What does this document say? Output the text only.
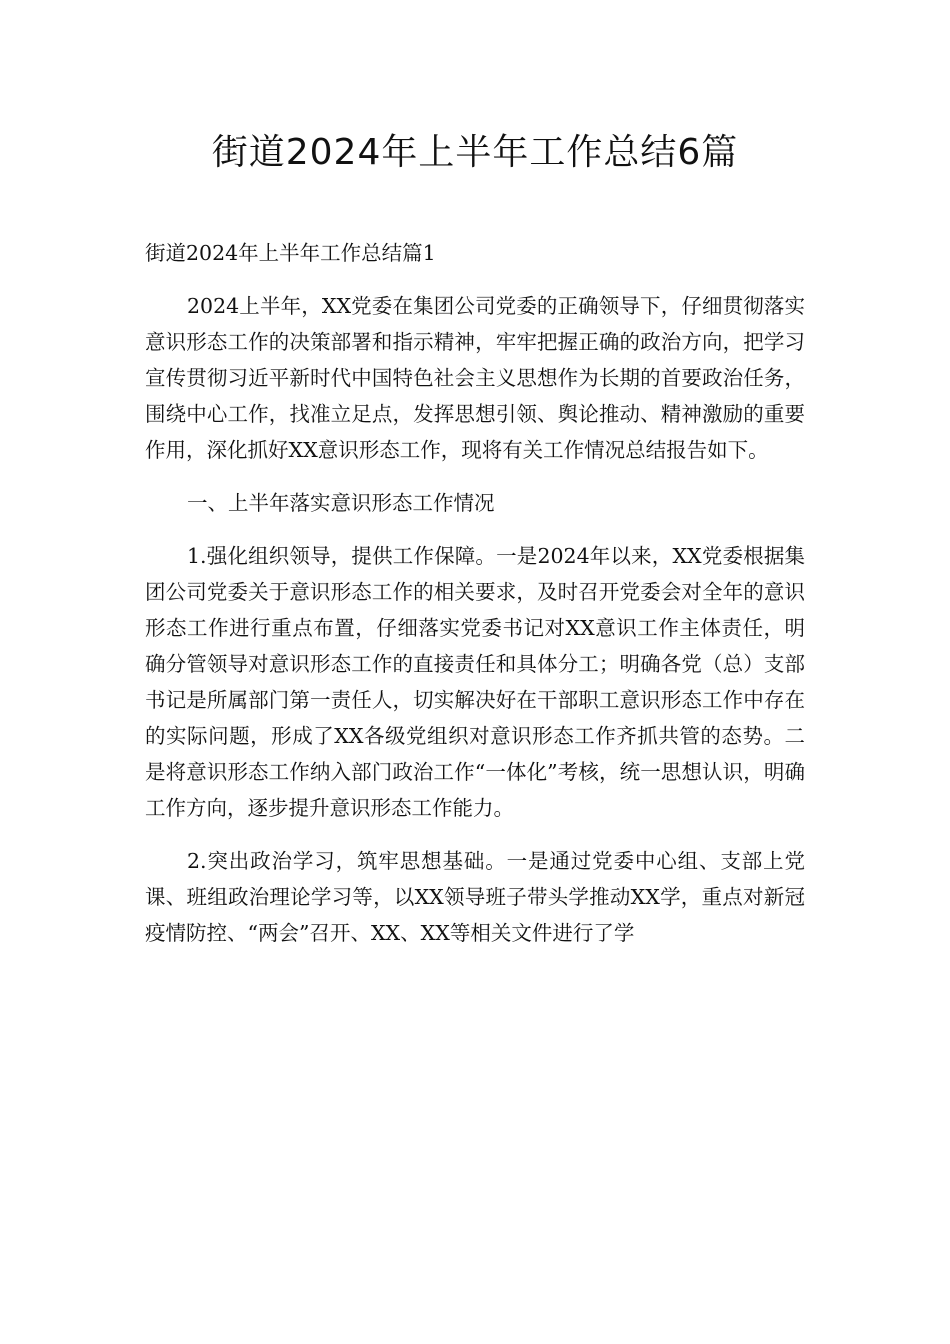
街道2024年上半年工作总结6篇

街道2024年上半年工作总结篇1

2024上半年，XX党委在集团公司党委的正确领导下，仔细贯彻落实意识形态工作的决策部署和指示精神，牢牢把握正确的政治方向，把学习宣传贯彻习近平新时代中国特色社会主义思想作为长期的首要政治任务，围绕中心工作，找准立足点，发挥思想引领、舆论推动、精神激励的重要作用，深化抓好XX意识形态工作，现将有关工作情况总结报告如下。

一、上半年落实意识形态工作情况

1.强化组织领导，提供工作保障。一是2024年以来，XX党委根据集团公司党委关于意识形态工作的相关要求，及时召开党委会对全年的意识形态工作进行重点布置，仔细落实党委书记对XX意识工作主体责任，明确分管领导对意识形态工作的直接责任和具体分工；明确各党（总）支部书记是所属部门第一责任人，切实解决好在干部职工意识形态工作中存在的实际问题，形成了XX各级党组织对意识形态工作齐抓共管的态势。二是将意识形态工作纳入部门政治工作“一体化”考核，统一思想认识，明确工作方向，逐步提升意识形态工作能力。

2.突出政治学习，筑牢思想基础。一是通过党委中心组、支部上党课、班组政治理论学习等，以XX领导班子带头学推动XX学，重点对新冠疫情防控、“两会”召开、XX、XX等相关文件进行了学
